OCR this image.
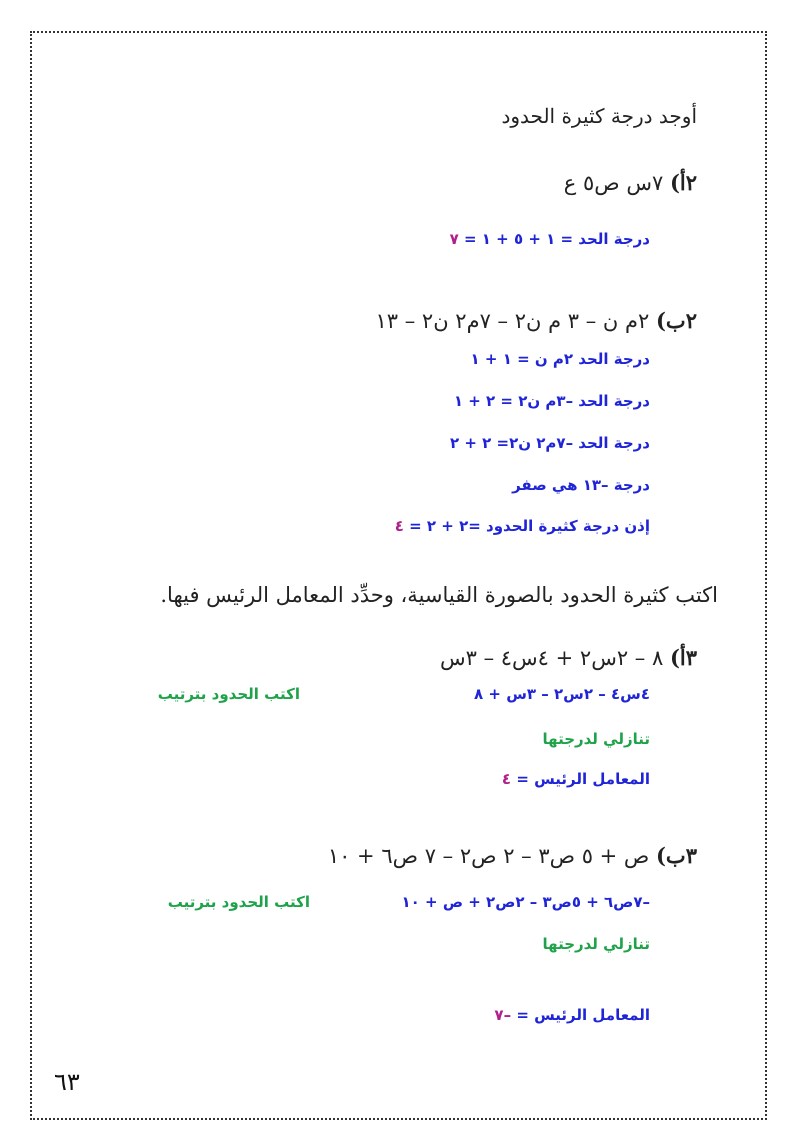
أوجد درجة كثيرة الحدود
٢أ) ٧س ص٥ ع
درجة الحد = ١ + ٥ + ١ = ٧
٢ب) ٢م ن – ٣ م ن٢ – ٧م٢ ن٢ – ١٣
درجة الحد ٢م ن = ١ + ١
درجة الحد –٣م ن٢ = ٢ + ١
درجة الحد –٧م٢ ن٢= ٢ + ٢
درجة –١٣ هي صفر
إذن درجة كثيرة الحدود =٢ + ٢ = ٤
اكتب كثيرة الحدود بالصورة القياسية، وحدِّد المعامل الرئيس فيها.
٣أ) ٨ – ٢س٢ + ٤س٤ – ٣س
٤س٤ – ٢س٢ – ٣س + ٨
اكتب الحدود بترتيب
تنازلي لدرجتها
المعامل الرئيس = ٤
٣ب) ص + ٥ ص٣ – ٢ ص٢ – ٧ ص٦ + ١٠
–٧ص٦ + ٥ص٣ – ٢ص٢ + ص + ١٠
اكتب الحدود بترتيب
تنازلي لدرجتها
المعامل الرئيس = –٧
٦٣
